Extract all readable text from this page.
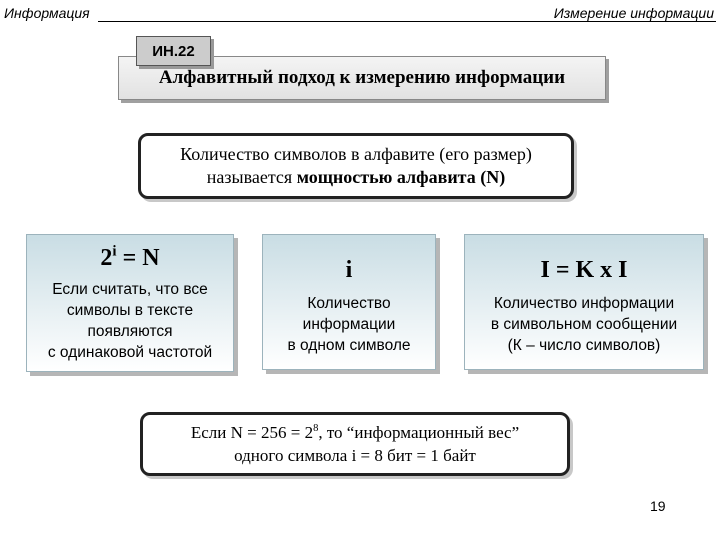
Информация	Измерение информации
ИН.22
Алфавитный подход к измерению информации
Количество символов в алфавите (его размер)
называется мощностью алфавита (N)
$2^i = N$
Если считать, что все
символы в тексте
появляются
с одинаковой частотой
i
Количество
информации
в одном символе
I = K x I
Количество информации
в символьном сообщении
(К – число символов)
Если $N = 256 = 2^8$, то “информационный вес”
одного символа i = 8 бит = 1 байт
19
